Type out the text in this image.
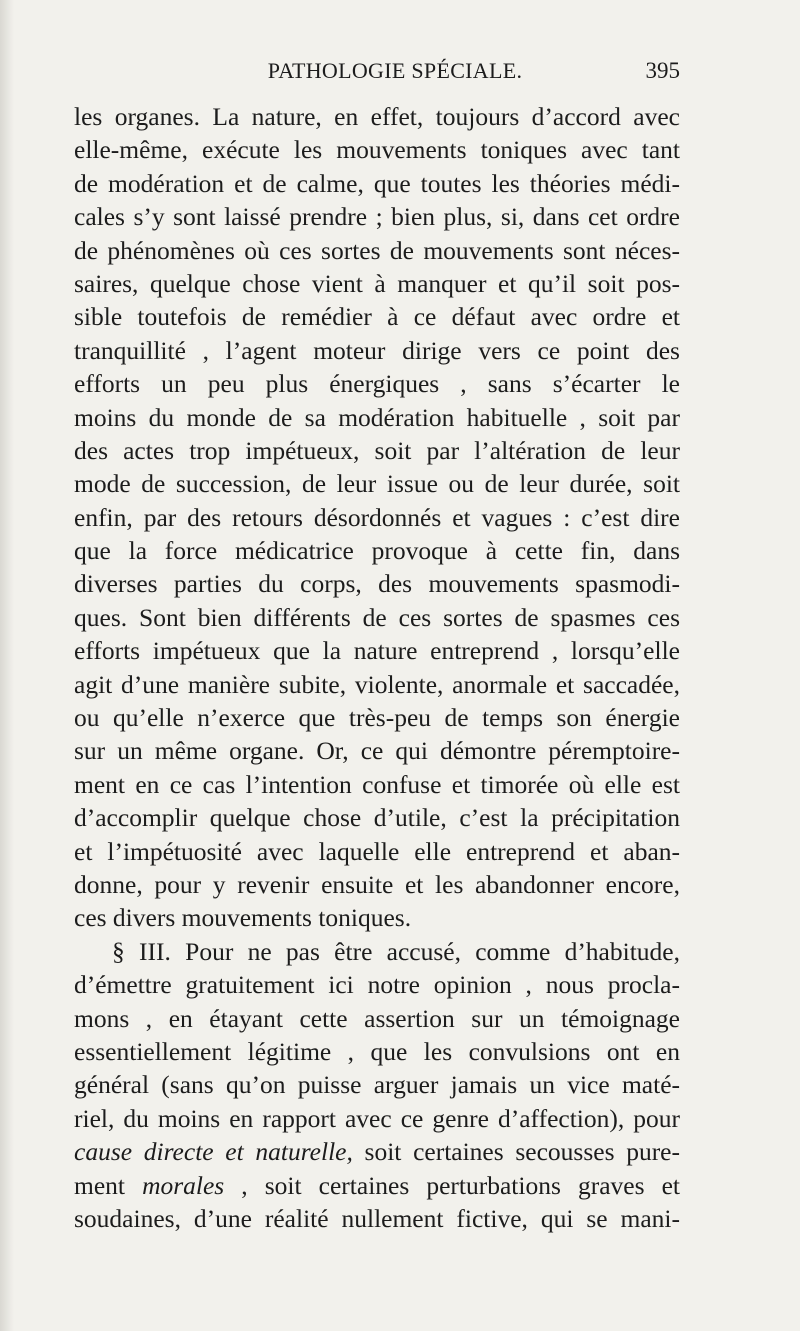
PATHOLOGIE SPÉCIALE.	395
les organes. La nature, en effet, toujours d’accord avec
elle-même, exécute les mouvements toniques avec tant
de modération et de calme, que toutes les théories médi-
cales s’y sont laissé prendre ; bien plus, si, dans cet ordre
de phénomènes où ces sortes de mouvements sont néces-
saires, quelque chose vient à manquer et qu’il soit pos-
sible toutefois de remédier à ce défaut avec ordre et
tranquillité , l’agent moteur dirige vers ce point des
efforts un peu plus énergiques , sans s’écarter le
moins du monde de sa modération habituelle , soit par
des actes trop impétueux, soit par l’altération de leur
mode de succession, de leur issue ou de leur durée, soit
enfin, par des retours désordonnés et vagues : c’est dire
que la force médicatrice provoque à cette fin, dans
diverses parties du corps, des mouvements spasmodi-
ques. Sont bien différents de ces sortes de spasmes ces
efforts impétueux que la nature entreprend , lorsqu’elle
agit d’une manière subite, violente, anormale et saccadée,
ou qu’elle n’exerce que très-peu de temps son énergie
sur un même organe. Or, ce qui démontre péremptoire-
ment en ce cas l’intention confuse et timorée où elle est
d’accomplir quelque chose d’utile, c’est la précipitation
et l’impétuosité avec laquelle elle entreprend et aban-
donne, pour y revenir ensuite et les abandonner encore,
ces divers mouvements toniques.
§ III. Pour ne pas être accusé, comme d’habitude,
d’émettre gratuitement ici notre opinion , nous procla-
mons , en étayant cette assertion sur un témoignage
essentiellement légitime , que les convulsions ont en
général (sans qu’on puisse arguer jamais un vice maté-
riel, du moins en rapport avec ce genre d’affection), pour
cause directe et naturelle, soit certaines secousses pure-
ment morales , soit certaines perturbations graves et
soudaines, d’une réalité nullement fictive, qui se mani-
